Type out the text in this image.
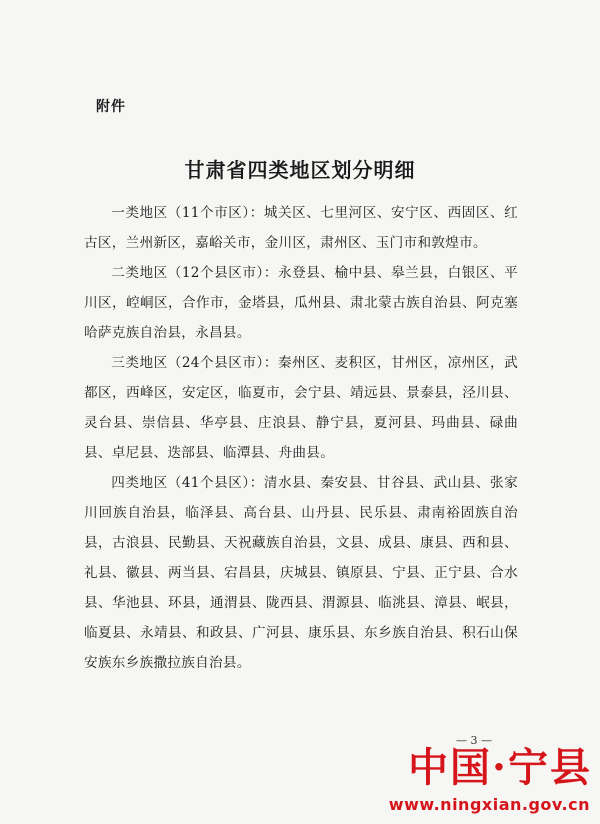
附件
甘肃省四类地区划分明细

一类地区（11个市区）：城关区、七里河区、安宁区、西固区、红古区，兰州新区，嘉峪关市，金川区，肃州区、玉门市和敦煌市。

二类地区（12个县区市）：永登县、榆中县、皋兰县，白银区、平川区，崆峒区，合作市，金塔县，瓜州县、肃北蒙古族自治县、阿克塞哈萨克族自治县，永昌县。

三类地区（24个县区市）：秦州区、麦积区，甘州区，凉州区，武都区，西峰区，安定区，临夏市，会宁县、靖远县、景泰县，泾川县、灵台县、崇信县、华亭县、庄浪县、静宁县，夏河县、玛曲县、碌曲县、卓尼县、迭部县、临潭县、舟曲县。

四类地区（41个县区）：清水县、秦安县、甘谷县、武山县、张家川回族自治县，临泽县、高台县、山丹县、民乐县、肃南裕固族自治县，古浪县、民勤县、天祝藏族自治县，文县、成县、康县、西和县、礼县、徽县、两当县、宕昌县，庆城县、镇原县、宁县、正宁县、合水县、华池县、环县，通渭县、陇西县、渭源县、临洮县、漳县、岷县，临夏县、永靖县、和政县、广河县、康乐县、东乡族自治县、积石山保安族东乡族撒拉族自治县。

— 3 —
中国·宁县
www.ningxian.gov.cn
